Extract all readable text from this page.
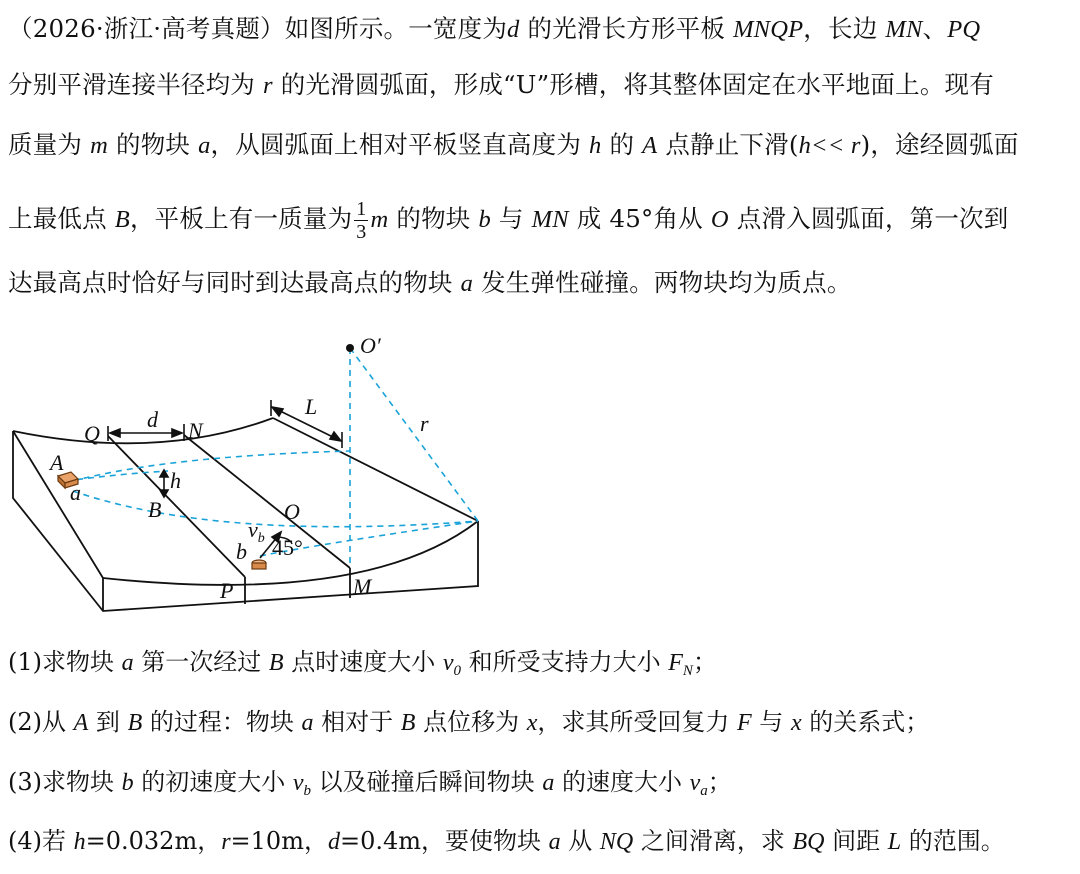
（2026·浙江·高考真题）如图所示。一宽度为d 的光滑长方形平板 MNQP，长边 MN、PQ
分别平滑连接半径均为 r 的光滑圆弧面，形成“U”形槽，将其整体固定在水平地面上。现有
质量为 m 的物块 a，从圆弧面上相对平板竖直高度为 h 的 A 点静止下滑(h<< r)，途经圆弧面
上最低点 B，平板上有一质量为 $\frac{1}{3}$ m 的物块 b 与 MN 成 45°角从 O 点滑入圆弧面，第一次到
达最高点时恰好与同时到达最高点的物块 a 发生弹性碰撞。两物块均为质点。
O′
r
L
Q
d N
A
a	h
B	O
$v_b$
b 45°
P	M
(1)求物块 a 第一次经过 B 点时速度大小 $v_0$ 和所受支持力大小 $F_N$；
(2)从 A 到 B 的过程：物块 a 相对于 B 点位移为 x，求其所受回复力 F 与 x 的关系式；
(3)求物块 b 的初速度大小 $v_b$ 以及碰撞后瞬间物块 a 的速度大小 $v_a$；
(4)若 h=0.032m，r=10m，d=0.4m，要使物块 a 从 NQ 之间滑离，求 BQ 间距 L 的范围。
